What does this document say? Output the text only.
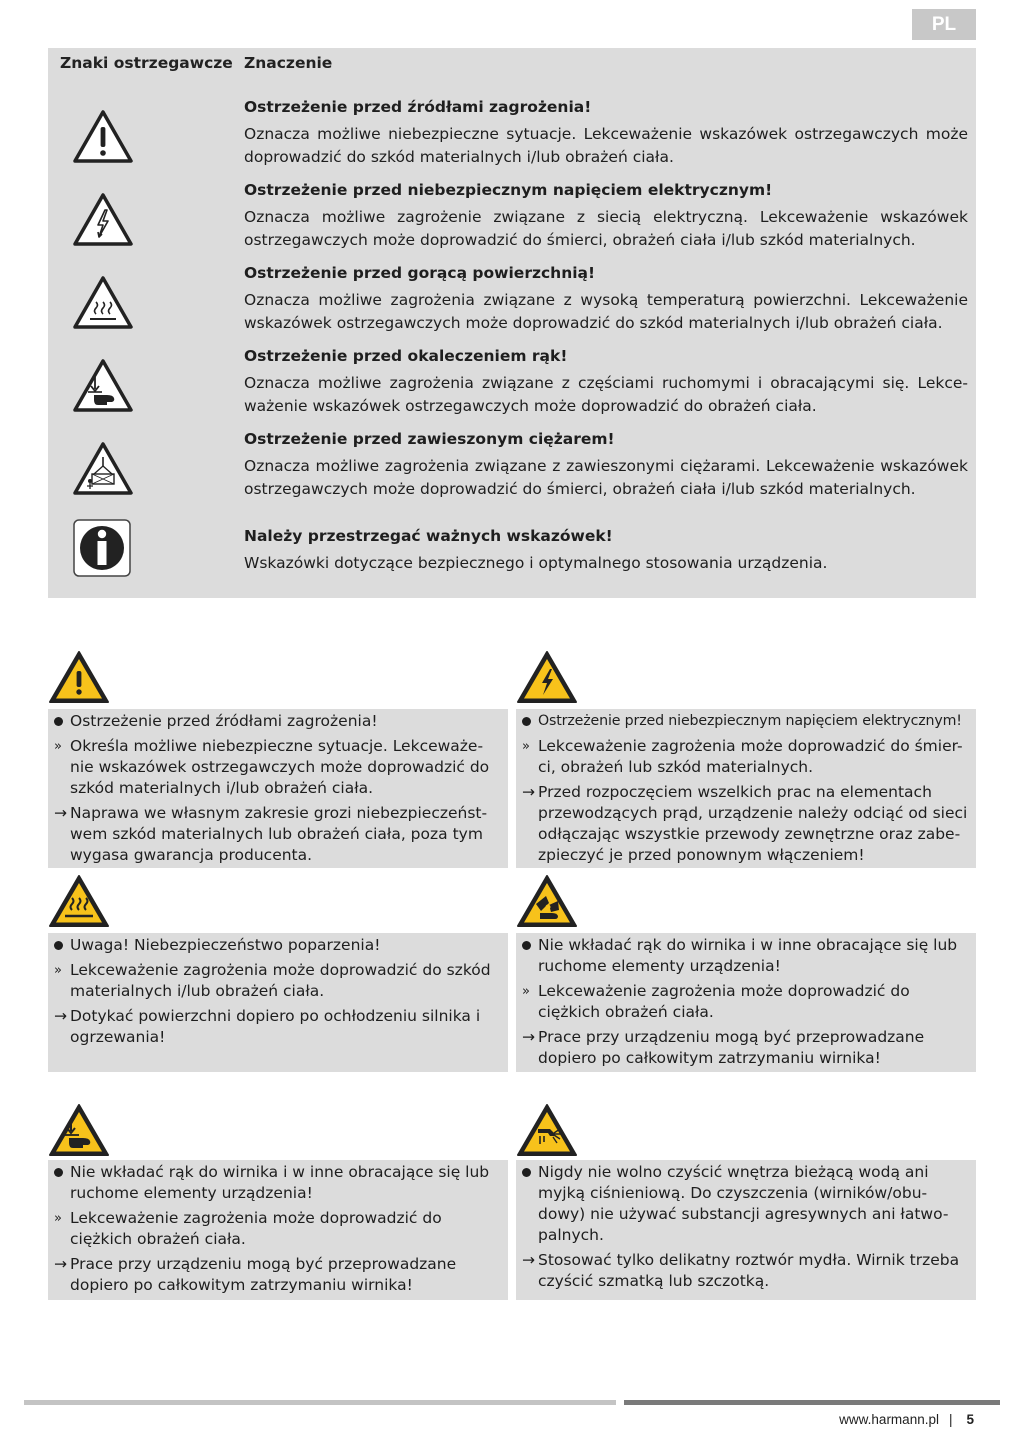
PL
Znaki ostrzegawcze Znaczenie
Ostrzeżenie przed źródłami zagrożenia!
Oznacza możliwe niebezpieczne sytuacje. Lekceważenie wskazówek ostrzegawczych może doprowadzić do szkód materialnych i/lub obrażeń ciała.
Ostrzeżenie przed niebezpiecznym napięciem elektrycznym!
Oznacza możliwe zagrożenie związane z siecią elektryczną. Lekceważenie wskazówek ostrzegawczych może doprowadzić do śmierci, obrażeń ciała i/lub szkód materialnych.
Ostrzeżenie przed gorącą powierzchnią!
Oznacza możliwe zagrożenia związane z wysoką temperaturą powierzchni. Lekceważenie wskazówek ostrzegawczych może doprowadzić do szkód materialnych i/lub obrażeń ciała.
Ostrzeżenie przed okaleczeniem rąk!
Oznacza możliwe zagrożenia związane z częściami ruchomymi i obracającymi się. Lekce-ważenie wskazówek ostrzegawczych może doprowadzić do obrażeń ciała.
Ostrzeżenie przed zawieszonym ciężarem!
Oznacza możliwe zagrożenia związane z zawieszonymi ciężarami. Lekceważenie wskazówek ostrzegawczych może doprowadzić do śmierci, obrażeń ciała i/lub szkód materialnych.
Należy przestrzegać ważnych wskazówek!
Wskazówki dotyczące bezpiecznego i optymalnego stosowania urządzenia.
Ostrzeżenie przed źródłami zagrożenia!
» Określa możliwe niebezpieczne sytuacje. Lekceważe-nie wskazówek ostrzegawczych może doprowadzić do szkód materialnych i/lub obrażeń ciała.
→ Naprawa we własnym zakresie grozi niebezpieczeńst-wem szkód materialnych lub obrażeń ciała, poza tym wygasa gwarancja producenta.
Ostrzeżenie przed niebezpiecznym napięciem elektrycznym!
» Lekceważenie zagrożenia może doprowadzić do śmier-ci, obrażeń lub szkód materialnych.
→ Przed rozpoczęciem wszelkich prac na elementach przewodzących prąd, urządzenie należy odciąć od sieci odłączając wszystkie przewody zewnętrzne oraz zabe-zpieczyć je przed ponownym włączeniem!
Uwaga! Niebezpieczeństwo poparzenia!
» Lekceważenie zagrożenia może doprowadzić do szkód materialnych i/lub obrażeń ciała.
→ Dotykać powierzchni dopiero po ochłodzeniu silnika i ogrzewania!
Nie wkładać rąk do wirnika i w inne obracające się lub ruchome elementy urządzenia!
» Lekceważenie zagrożenia może doprowadzić do ciężkich obrażeń ciała.
→ Prace przy urządzeniu mogą być przeprowadzane dopiero po całkowitym zatrzymaniu wirnika!
Nie wkładać rąk do wirnika i w inne obracające się lub ruchome elementy urządzenia!
» Lekceważenie zagrożenia może doprowadzić do ciężkich obrażeń ciała.
→ Prace przy urządzeniu mogą być przeprowadzane dopiero po całkowitym zatrzymaniu wirnika!
Nigdy nie wolno czyścić wnętrza bieżącą wodą ani myjką ciśnieniową. Do czyszczenia (wirników/obu-dowy) nie używać substancji agresywnych ani łatwo-palnych.
→ Stosować tylko delikatny roztwór mydła. Wirnik trzeba czyścić szmatką lub szczotką.
www.harmann.pl | 5
